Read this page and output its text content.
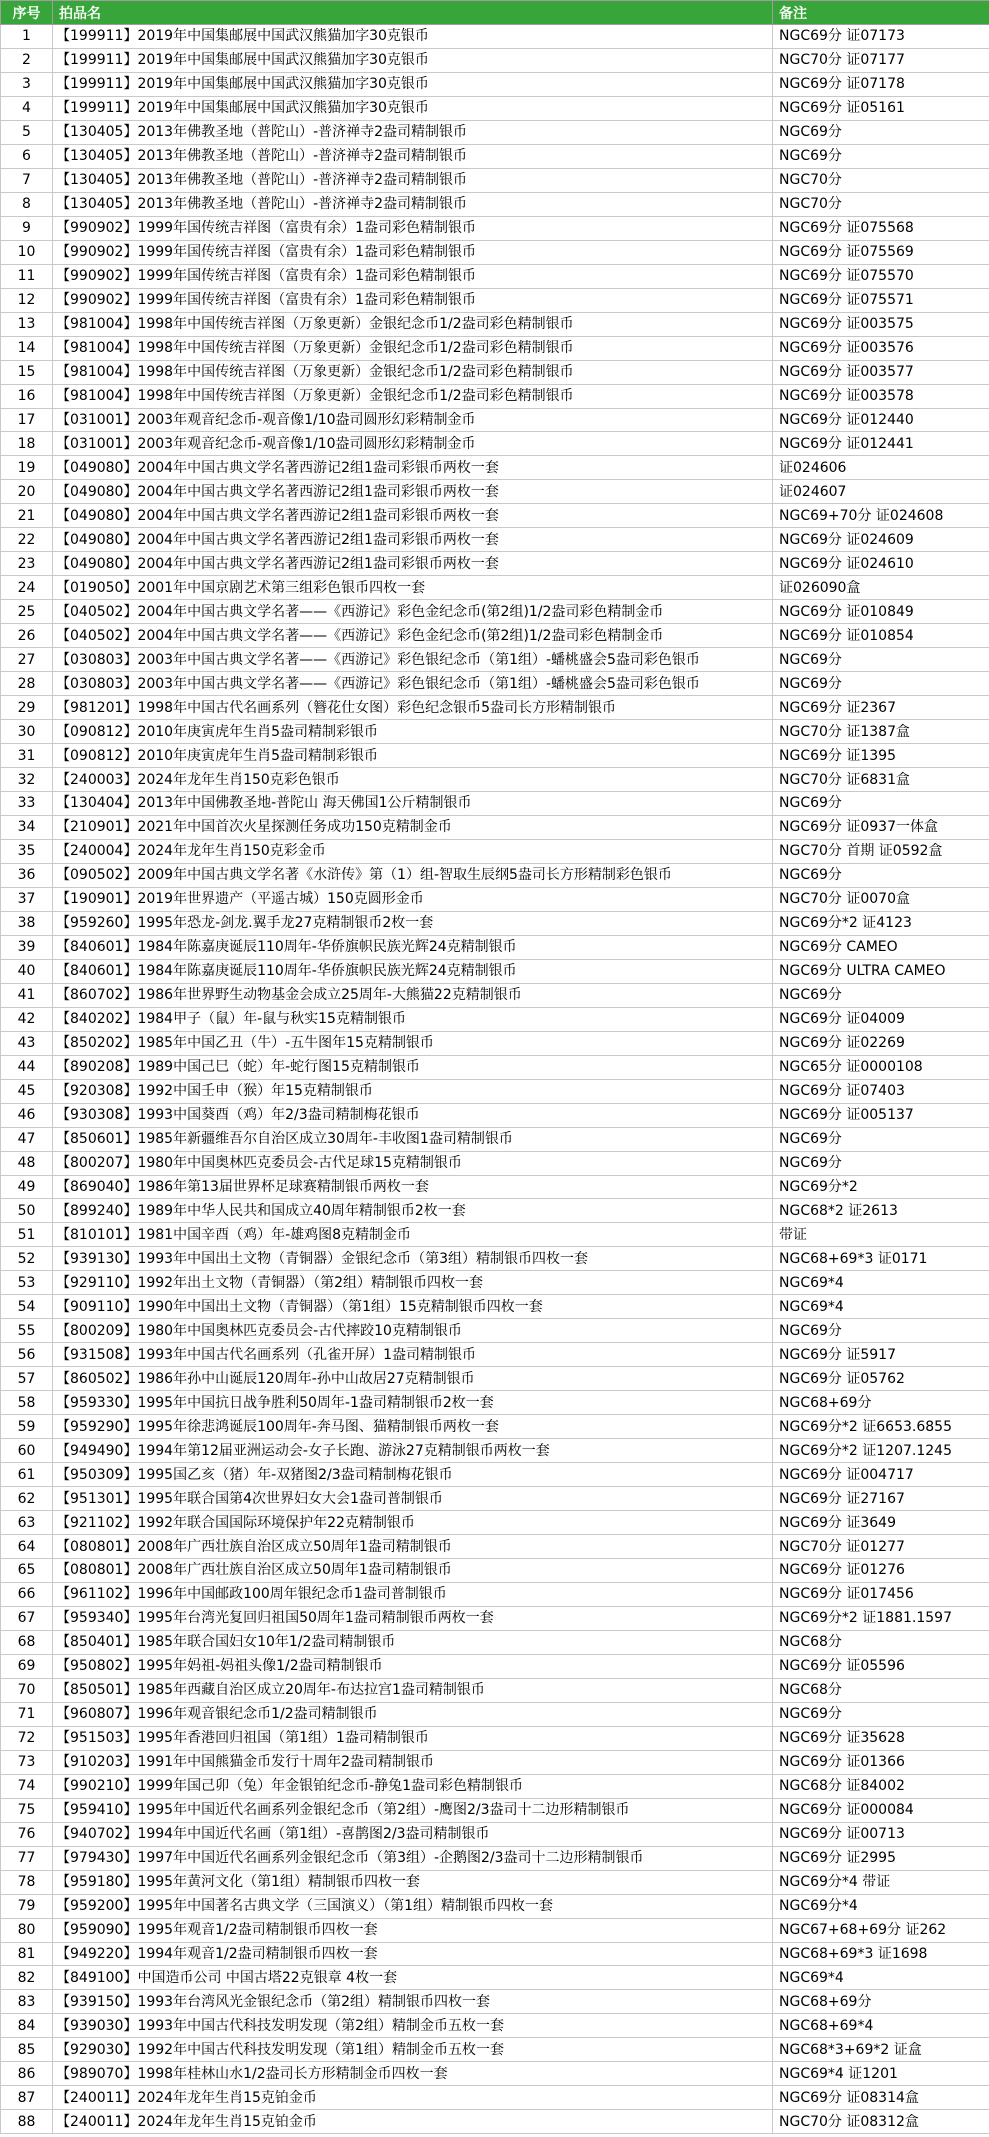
序号	拍品名	备注
1	【199911】2019年中国集邮展中国武汉熊猫加字30克银币	NGC69分 证07173
2	【199911】2019年中国集邮展中国武汉熊猫加字30克银币	NGC70分 证07177
3	【199911】2019年中国集邮展中国武汉熊猫加字30克银币	NGC69分 证07178
4	【199911】2019年中国集邮展中国武汉熊猫加字30克银币	NGC69分 证05161
5	【130405】2013年佛教圣地（普陀山）-普济禅寺2盎司精制银币	NGC69分
6	【130405】2013年佛教圣地（普陀山）-普济禅寺2盎司精制银币	NGC69分
7	【130405】2013年佛教圣地（普陀山）-普济禅寺2盎司精制银币	NGC70分
8	【130405】2013年佛教圣地（普陀山）-普济禅寺2盎司精制银币	NGC70分
9	【990902】1999年国传统吉祥图（富贵有余）1盎司彩色精制银币	NGC69分 证075568
10	【990902】1999年国传统吉祥图（富贵有余）1盎司彩色精制银币	NGC69分 证075569
11	【990902】1999年国传统吉祥图（富贵有余）1盎司彩色精制银币	NGC69分 证075570
12	【990902】1999年国传统吉祥图（富贵有余）1盎司彩色精制银币	NGC69分 证075571
13	【981004】1998年中国传统吉祥图（万象更新）金银纪念币1/2盎司彩色精制银币	NGC69分 证003575
14	【981004】1998年中国传统吉祥图（万象更新）金银纪念币1/2盎司彩色精制银币	NGC69分 证003576
15	【981004】1998年中国传统吉祥图（万象更新）金银纪念币1/2盎司彩色精制银币	NGC69分 证003577
16	【981004】1998年中国传统吉祥图（万象更新）金银纪念币1/2盎司彩色精制银币	NGC69分 证003578
17	【031001】2003年观音纪念币-观音像1/10盎司圆形幻彩精制金币	NGC69分 证012440
18	【031001】2003年观音纪念币-观音像1/10盎司圆形幻彩精制金币	NGC69分 证012441
19	【049080】2004年中国古典文学名著西游记2组1盎司彩银币两枚一套	证024606
20	【049080】2004年中国古典文学名著西游记2组1盎司彩银币两枚一套	证024607
21	【049080】2004年中国古典文学名著西游记2组1盎司彩银币两枚一套	NGC69+70分 证024608
22	【049080】2004年中国古典文学名著西游记2组1盎司彩银币两枚一套	NGC69分 证024609
23	【049080】2004年中国古典文学名著西游记2组1盎司彩银币两枚一套	NGC69分 证024610
24	【019050】2001年中国京剧艺术第三组彩色银币四枚一套	证026090盒
25	【040502】2004年中国古典文学名著——《西游记》彩色金纪念币(第2组)1/2盎司彩色精制金币	NGC69分 证010849
26	【040502】2004年中国古典文学名著——《西游记》彩色金纪念币(第2组)1/2盎司彩色精制金币	NGC69分 证010854
27	【030803】2003年中国古典文学名著——《西游记》彩色银纪念币（第1组）-蟠桃盛会5盎司彩色银币	NGC69分
28	【030803】2003年中国古典文学名著——《西游记》彩色银纪念币（第1组）-蟠桃盛会5盎司彩色银币	NGC69分
29	【981201】1998年中国古代名画系列（簪花仕女图）彩色纪念银币5盎司长方形精制银币	NGC69分 证2367
30	【090812】2010年庚寅虎年生肖5盎司精制彩银币	NGC70分 证1387盒
31	【090812】2010年庚寅虎年生肖5盎司精制彩银币	NGC69分 证1395
32	【240003】2024年龙年生肖150克彩色银币	NGC70分 证6831盒
33	【130404】2013年中国佛教圣地-普陀山 海天佛国1公斤精制银币	NGC69分
34	【210901】2021年中国首次火星探测任务成功150克精制金币	NGC69分 证0937一体盒
35	【240004】2024年龙年生肖150克彩金币	NGC70分 首期 证0592盒
36	【090502】2009年中国古典文学名著《水浒传》第（1）组-智取生辰纲5盎司长方形精制彩色银币	NGC69分
37	【190901】2019年世界遗产（平遥古城）150克圆形金币	NGC70分 证0070盒
38	【959260】1995年恐龙-剑龙.翼手龙27克精制银币2枚一套	NGC69分*2 证4123
39	【840601】1984年陈嘉庚诞辰110周年-华侨旗帜民族光辉24克精制银币	NGC69分 CAMEO
40	【840601】1984年陈嘉庚诞辰110周年-华侨旗帜民族光辉24克精制银币	NGC69分 ULTRA CAMEO
41	【860702】1986年世界野生动物基金会成立25周年-大熊猫22克精制银币	NGC69分
42	【840202】1984甲子（鼠）年-鼠与秋实15克精制银币	NGC69分 证04009
43	【850202】1985年中国乙丑（牛）-五牛图年15克精制银币	NGC69分 证02269
44	【890208】1989中国己巳（蛇）年-蛇行图15克精制银币	NGC65分 证0000108
45	【920308】1992中国壬申（猴）年15克精制银币	NGC69分 证07403
46	【930308】1993中国葵酉（鸡）年2/3盎司精制梅花银币	NGC69分 证005137
47	【850601】1985年新疆维吾尔自治区成立30周年-丰收图1盎司精制银币	NGC69分
48	【800207】1980年中国奥林匹克委员会-古代足球15克精制银币	NGC69分
49	【869040】1986年第13届世界杯足球赛精制银币两枚一套	NGC69分*2
50	【899240】1989年中华人民共和国成立40周年精制银币2枚一套	NGC68*2 证2613
51	【810101】1981中国辛酉（鸡）年-雄鸡图8克精制金币	带证
52	【939130】1993年中国出土文物（青铜器）金银纪念币（第3组）精制银币四枚一套	NGC68+69*3 证0171
53	【929110】1992年出土文物（青铜器）（第2组）精制银币四枚一套	NGC69*4
54	【909110】1990年中国出土文物（青铜器）（第1组）15克精制银币四枚一套	NGC69*4
55	【800209】1980年中国奥林匹克委员会-古代摔跤10克精制银币	NGC69分
56	【931508】1993年中国古代名画系列（孔雀开屏）1盎司精制银币	NGC69分 证5917
57	【860502】1986年孙中山诞辰120周年-孙中山故居27克精制银币	NGC69分 证05762
58	【959330】1995年中国抗日战争胜利50周年-1盎司精制银币2枚一套	NGC68+69分
59	【959290】1995年徐悲鸿诞辰100周年-奔马图、猫精制银币两枚一套	NGC69分*2 证6653.6855
60	【949490】1994年第12届亚洲运动会-女子长跑、游泳27克精制银币两枚一套	NGC69分*2 证1207.1245
61	【950309】1995国乙亥（猪）年-双猪图2/3盎司精制梅花银币	NGC69分 证004717
62	【951301】1995年联合国第4次世界妇女大会1盎司普制银币	NGC69分 证27167
63	【921102】1992年联合国国际环境保护年22克精制银币	NGC69分 证3649
64	【080801】2008年广西壮族自治区成立50周年1盎司精制银币	NGC70分 证01277
65	【080801】2008年广西壮族自治区成立50周年1盎司精制银币	NGC69分 证01276
66	【961102】1996年中国邮政100周年银纪念币1盎司普制银币	NGC69分 证017456
67	【959340】1995年台湾光复回归祖国50周年1盎司精制银币两枚一套	NGC69分*2 证1881.1597
68	【850401】1985年联合国妇女10年1/2盎司精制银币	NGC68分
69	【950802】1995年妈祖-妈祖头像1/2盎司精制银币	NGC69分 证05596
70	【850501】1985年西藏自治区成立20周年-布达拉宫1盎司精制银币	NGC68分
71	【960807】1996年观音银纪念币1/2盎司精制银币	NGC69分
72	【951503】1995年香港回归祖国（第1组）1盎司精制银币	NGC69分 证35628
73	【910203】1991年中国熊猫金币发行十周年2盎司精制银币	NGC69分 证01366
74	【990210】1999年国己卯（兔）年金银铂纪念币-静兔1盎司彩色精制银币	NGC68分 证84002
75	【959410】1995年中国近代名画系列金银纪念币（第2组）-鹰图2/3盎司十二边形精制银币	NGC69分 证000084
76	【940702】1994年中国近代名画（第1组）-喜鹊图2/3盎司精制银币	NGC69分 证00713
77	【979430】1997年中国近代名画系列金银纪念币（第3组）-企鹅图2/3盎司十二边形精制银币	NGC69分 证2995
78	【959180】1995年黄河文化（第1组）精制银币四枚一套	NGC69分*4 带证
79	【959200】1995年中国著名古典文学（三国演义）（第1组）精制银币四枚一套	NGC69分*4
80	【959090】1995年观音1/2盎司精制银币四枚一套	NGC67+68+69分 证262
81	【949220】1994年观音1/2盎司精制银币四枚一套	NGC68+69*3 证1698
82	【849100】中国造币公司 中国古塔22克银章 4枚一套	NGC69*4
83	【939150】1993年台湾风光金银纪念币（第2组）精制银币四枚一套	NGC68+69分
84	【939030】1993年中国古代科技发明发现（第2组）精制金币五枚一套	NGC68+69*4
85	【929030】1992年中国古代科技发明发现（第1组）精制金币五枚一套	NGC68*3+69*2 证盒
86	【989070】1998年桂林山水1/2盎司长方形精制金币四枚一套	NGC69*4 证1201
87	【240011】2024年龙年生肖15克铂金币	NGC69分 证08314盒
88	【240011】2024年龙年生肖15克铂金币	NGC70分 证08312盒
